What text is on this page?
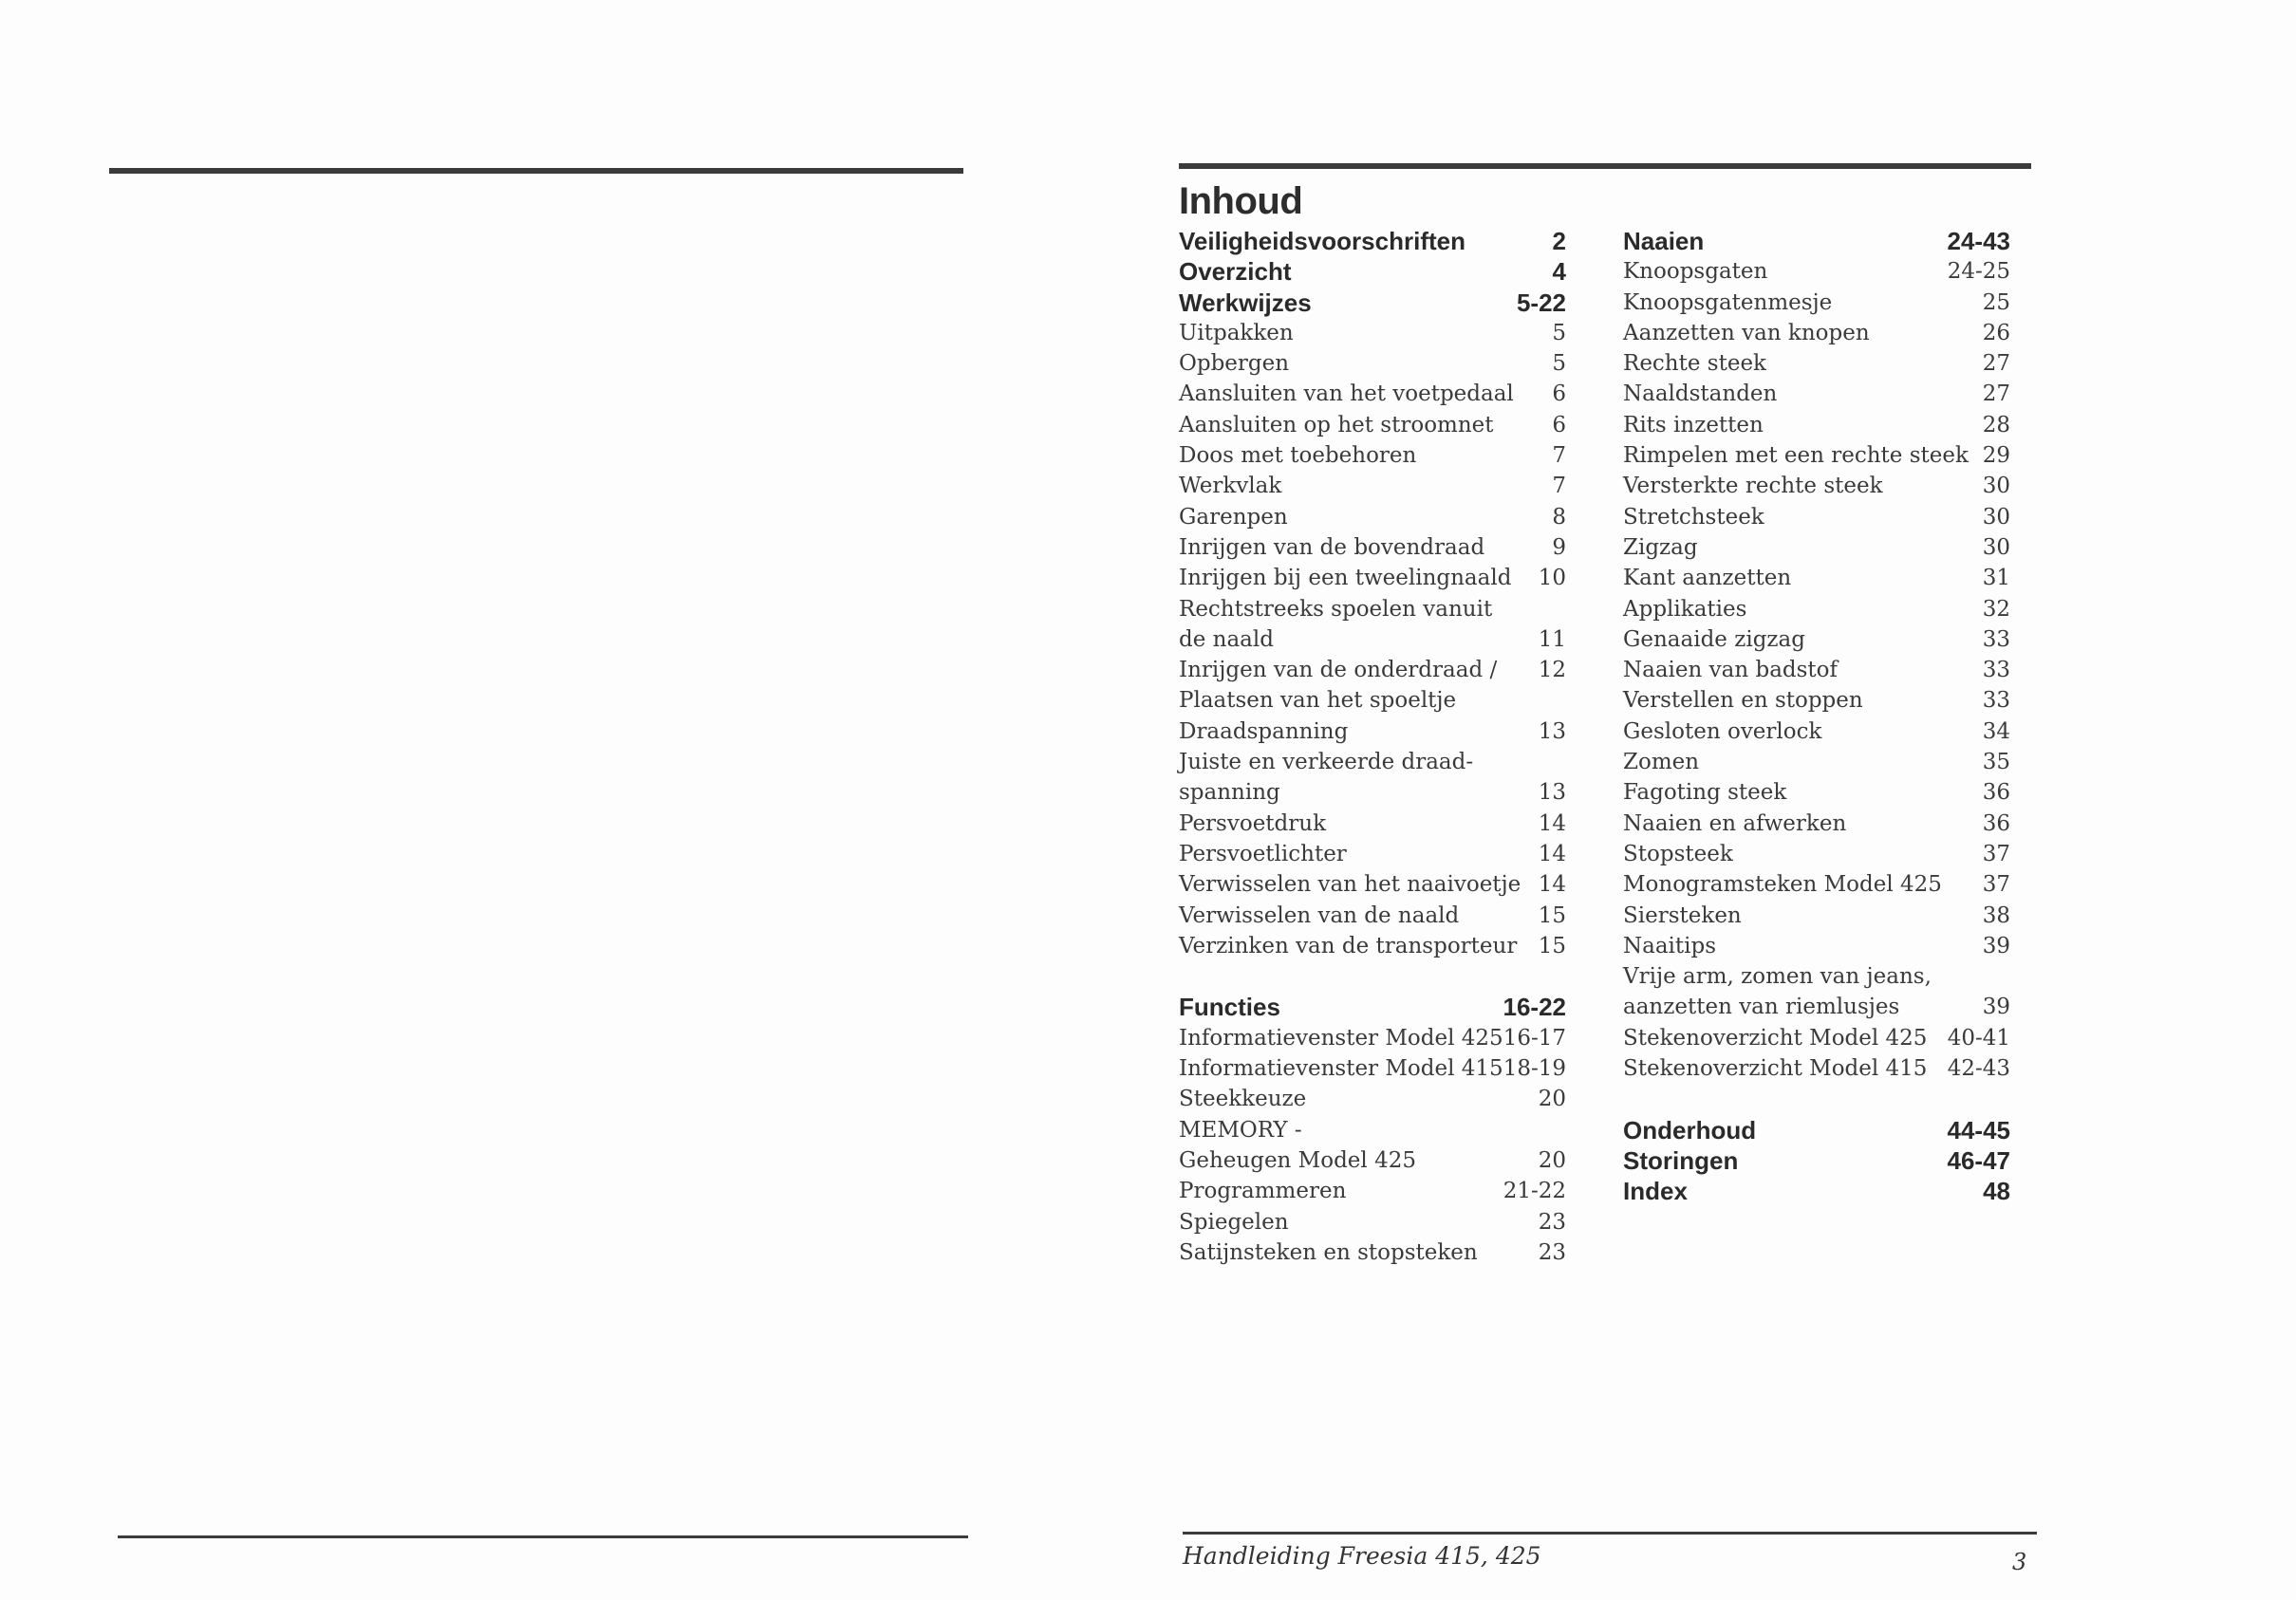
Inhoud
Veiligheidsvoorschriften	2
Overzicht	4
Werkwijzes	5-22
Uitpakken	5
Opbergen	5
Aansluiten van het voetpedaal 6
Aansluiten op het stroomnet	6
Doos met toebehoren	7
Werkvlak	7
Garenpen	8
Inrijgen van de bovendraad	9
Inrijgen bij een tweelingnaald 10
Rechtstreeks spoelen vanuit
de naald	11
Inrijgen van de onderdraad / 12
Plaatsen van het spoeltje
Draadspanning	13
Juiste en verkeerde draad-
spanning	13
Persvoetdruk	14
Persvoetlichter	14
Verwisselen van het naaivoetje 14
Verwisselen van de naald	15
Verzinken van de transporteur 15
Functies	16-22
Informatievenster Model 425 16-17
Informatievenster Model 415 18-19
Steekkeuze	20
MEMORY -
Geheugen Model 425	20
Programmeren	21-22
Spiegelen	23
Satijnsteken en stopsteken	23
Naaien	24-43
Knoopsgaten	24-25
Knoopsgatenmesje	25
Aanzetten van knopen	26
Rechte steek	27
Naaldstanden	27
Rits inzetten	28
Rimpelen met een rechte steek 29
Versterkte rechte steek	30
Stretchsteek	30
Zigzag	30
Kant aanzetten	31
Applikaties	32
Genaaide zigzag	33
Naaien van badstof	33
Verstellen en stoppen	33
Gesloten overlock	34
Zomen	35
Fagoting steek	36
Naaien en afwerken	36
Stopsteek	37
Monogramsteken Model 425 37
Siersteken	38
Naaitips	39
Vrije arm, zomen van jeans,
aanzetten van riemlusjes	39
Stekenoverzicht Model 425 40-41
Stekenoverzicht Model 415 42-43
Onderhoud	44-45
Storingen	46-47
Index	48
Handleiding Freesia 415, 425	3
